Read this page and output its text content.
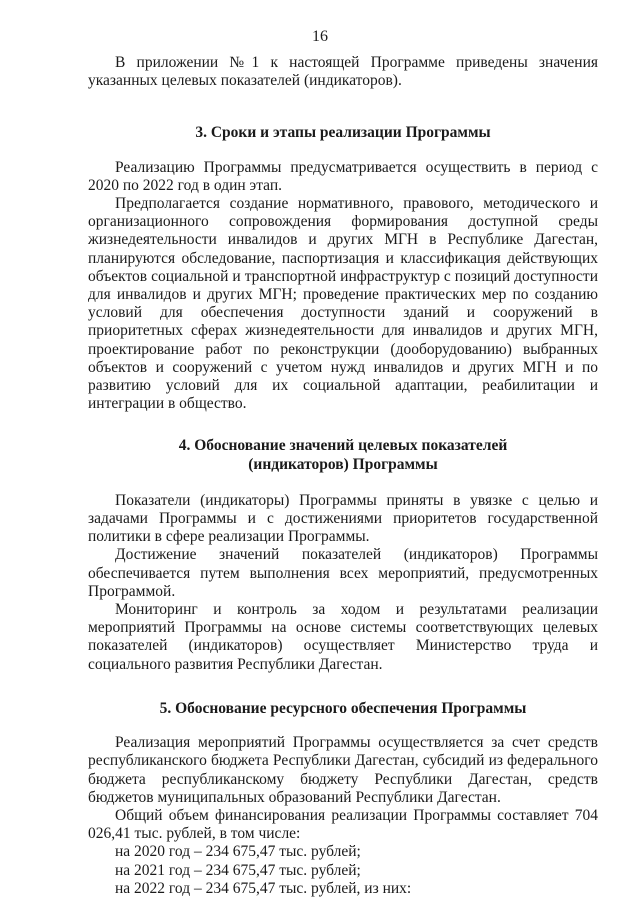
16

В приложении №1 к настоящей Программе приведены значения указанных целевых показателей (индикаторов).

3. Сроки и этапы реализации Программы

Реализацию Программы предусматривается осуществить в период с 2020 по 2022 год в один этап.

Предполагается создание нормативного, правового, методического и организационного сопровождения формирования доступной среды жизнедеятельности инвалидов и других МГН в Республике Дагестан, планируются обследование, паспортизация и классификация действующих объектов социальной и транспортной инфраструктур с позиций доступности для инвалидов и других МГН; проведение практических мер по созданию условий для обеспечения доступности зданий и сооружений в приоритетных сферах жизнедеятельности для инвалидов и других МГН, проектирование работ по реконструкции (дооборудованию) выбранных объектов и сооружений с учетом нужд инвалидов и других МГН и по развитию условий для их социальной адаптации, реабилитации и интеграции в общество.

4. Обоснование значений целевых показателей
(индикаторов) Программы

Показатели (индикаторы) Программы приняты в увязке с целью и задачами Программы и с достижениями приоритетов государственной политики в сфере реализации Программы.

Достижение значений показателей (индикаторов) Программы обеспечивается путем выполнения всех мероприятий, предусмотренных Программой.

Мониторинг и контроль за ходом и результатами реализации мероприятий Программы на основе системы соответствующих целевых показателей (индикаторов) осуществляет Министерство труда и социального развития Республики Дагестан.

5. Обоснование ресурсного обеспечения Программы

Реализация мероприятий Программы осуществляется за счет средств республиканского бюджета Республики Дагестан, субсидий из федерального бюджета республиканскому бюджету Республики Дагестан, средств бюджетов муниципальных образований Республики Дагестан.

Общий объем финансирования реализации Программы составляет 704 026,41 тыс. рублей, в том числе:

на 2020 год – 234 675,47 тыс. рублей;

на 2021 год – 234 675,47 тыс. рублей;

на 2022 год – 234 675,47 тыс. рублей, из них:
